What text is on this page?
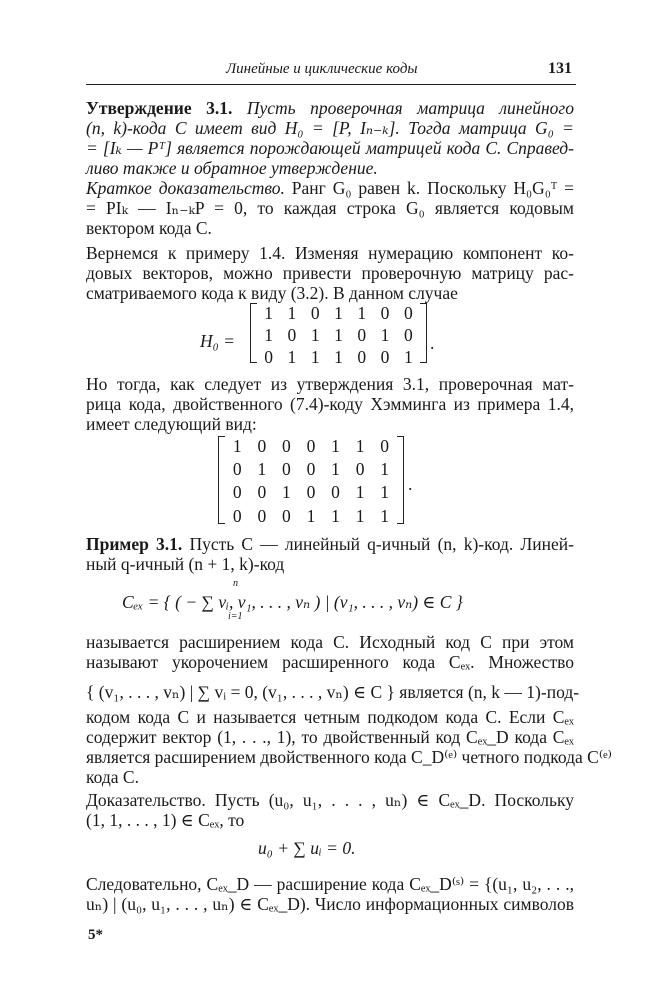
Линейные и циклические коды	131
Утверждение 3.1. Пусть проверочная матрица линейного
(n, k)-кода C имеет вид H₀ = [P, Iₙ₋ₖ]. Тогда матрица G₀ =
= [Iₖ — Pᵀ] является порождающей матрицей кода C. Справед-
ливо также и обратное утверждение.
Краткое доказательство. Ранг G₀ равен k. Поскольку H₀G₀ᵀ =
= PIₖ — Iₙ₋ₖP = 0, то каждая строка G₀ является кодовым
вектором кода C.
Вернемся к примеру 1.4. Изменяя нумерацию компонент ко-
довых векторов, можно привести проверочную матрицу рас-
сматриваемого кода к виду (3.2). В данном случае
H₀ =
1 1 0 1 1 0 0
1 0 1 1 0 1 0
0 1 1 1 0 0 1
.
Но тогда, как следует из утверждения 3.1, проверочная мат-
рица кода, двойственного (7.4)-коду Хэмминга из примера 1.4,
имеет следующий вид:
1 0 0 0 1 1 0
0 1 0 0 1 0 1
0 0 1 0 0 1 1
0 0 0 1 1 1 1
.
Пример 3.1. Пусть C — линейный q-ичный (n, k)-код. Линей-
ный q-ичный (n + 1, k)-код
Cₑₓ = { ( − ∑ vᵢ, v₁, . . . , vₙ ) | (v₁, . . . , vₙ) ∈ C }
n
i=1
называется расширением кода C. Исходный код C при этом
называют укорочением расширенного кода Cₑₓ. Множество
{ (v₁, . . . , vₙ) | ∑ vᵢ = 0, (v₁, . . . , vₙ) ∈ C } является (n, k — 1)-под-
кодом кода C и называется четным подкодом кода C. Если Cₑₓ
содержит вектор (1, . . ., 1), то двойственный код Cₑₓ_D кода Cₑₓ
является расширением двойственного кода C_D⁽ᵉ⁾ четного подкода C⁽ᵉ⁾
кода C.
Доказательство. Пусть (u₀, u₁, . . . , uₙ) ∈ Cₑₓ_D. Поскольку
(1, 1, . . . , 1) ∈ Cₑₓ, то
u₀ + ∑ uᵢ = 0.
Следовательно, Cₑₓ_D — расширение кода Cₑₓ_D⁽ˢ⁾ = {(u₁, u₂, . . .,
uₙ) | (u₀, u₁, . . . , uₙ) ∈ Cₑₓ_D). Число информационных символов
5*
